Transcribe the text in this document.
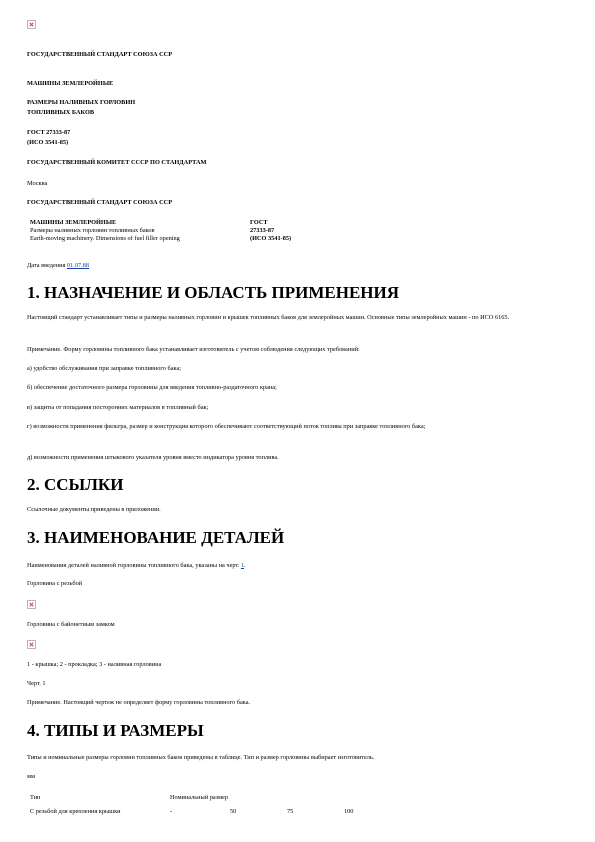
ГОСУДАРСТВЕННЫЙ СТАНДАРТ СОЮЗА ССР

МАШИНЫ ЗЕМЛЕРОЙНЫЕ

РАЗМЕРЫ НАЛИВНЫХ ГОРЛОВИН

ТОПЛИВНЫХ БАКОВ

ГОСТ 27333-87

(ИСО 3541-85)

ГОСУДАРСТВЕННЫЙ КОМИТЕТ СССР ПО СТАНДАРТАМ

Москва

ГОСУДАРСТВЕННЫЙ СТАНДАРТ СОЮЗА ССР

МАШИНЫ ЗЕМЛЕРОЙНЫЕ	ГОСТ
Размеры наливных горловин топливных баков	27333-87
Earth-moving machinery. Dimensions of fuel filler opening	(ИСО 3541-85)

Дата введения 01.07.88

1. НАЗНАЧЕНИЕ И ОБЛАСТЬ ПРИМЕНЕНИЯ

Настоящий стандарт устанавливает типы и размеры наливных горловин и крышек топливных баков для землеройных машин. Основные типы землеройных машин - по ИСО 6165.

Примечание. Форму горловины топливного бака устанавливает изготовитель с учетом соблюдения следующих требований:

а) удобство обслуживания при заправке топливного бака;

б) обеспечение достаточного размера горловины для введения топливно-раздаточного крана;

в) защиты от попадания посторонних материалов в топливный бак;

г) возможности применения фильтра, размер и конструкция которого обеспечивают соответствующий поток топлива при заправке топливного бака;

д) возможности применения штыкового указателя уровня вместо индикатора уровня топлива.

2. ССЫЛКИ

Ссылочные документы приведены в приложении.

3. НАИМЕНОВАНИЕ ДЕТАЛЕЙ

Наименования деталей наливной горловины топливного бака, указаны на черт. 1.

Горловина с резьбой

Горловина с байонетным замком

1 - крышка; 2 - прокладка; 3 - наливная горловина

Черт. 1

Примечание. Настоящий чертеж не определяет форму горловины топливного бака.

4. ТИПЫ И РАЗМЕРЫ

Типы и номинальные размеры горловин топливных баков приведены в таблице. Тип и размер горловины выбирает изготовитель.

мм

Тип	Номинальный размер			
С резьбой для крепления крышки	-	50	75	100
